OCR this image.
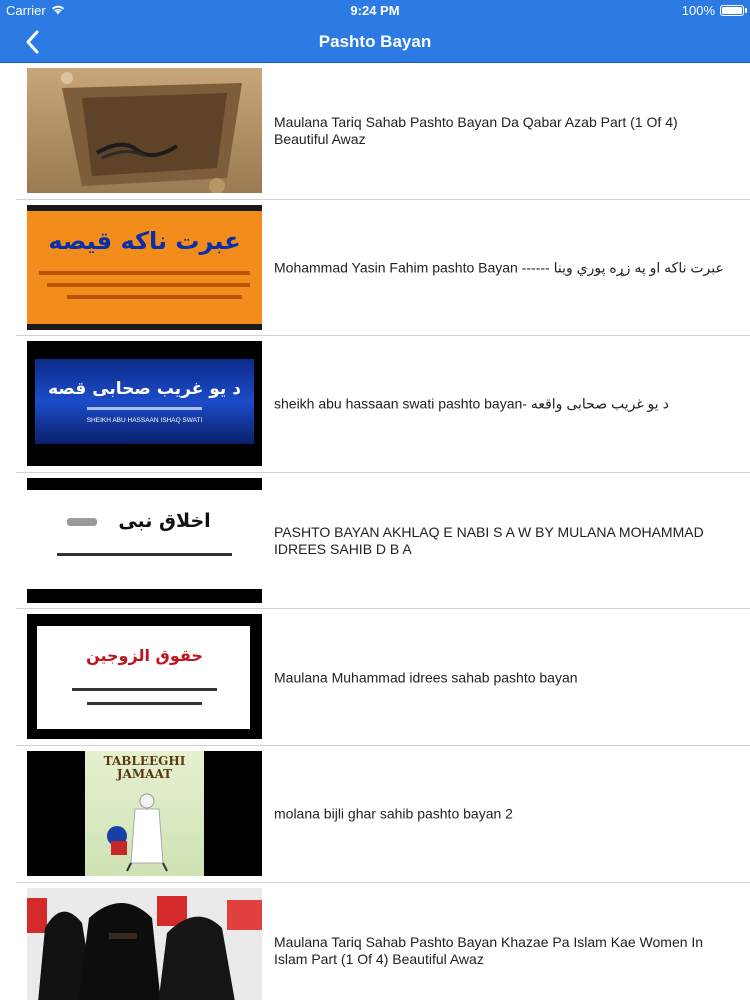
Carrier	9:24 PM	100%
Pashto Bayan
Maulana Tariq Sahab Pashto Bayan Da Qabar Azab Part (1 Of 4) Beautiful Awaz
عبرت ناکه قیصه
Mohammad Yasin Fahim pashto Bayan ------ عبرت ناکه او په زړه پوري وينا
د یو غریب صحابی قصه
SHEIKH ABU HASSAAN ISHAQ SWATI
sheikh abu hassaan swati pashto bayan- د يو غريب صحابی واقعه
اخلاق نبی
PASHTO BAYAN AKHLAQ E NABI S A W BY MULANA MOHAMMAD IDREES SAHIB D B A
حقوق الزوجین
Maulana Muhammad idrees sahab pashto bayan
TABLEEGHI JAMAAT
molana bijli ghar sahib pashto bayan 2
Maulana Tariq Sahab Pashto Bayan Khazae Pa Islam Kae Women In Islam Part (1 Of 4) Beautiful Awaz
